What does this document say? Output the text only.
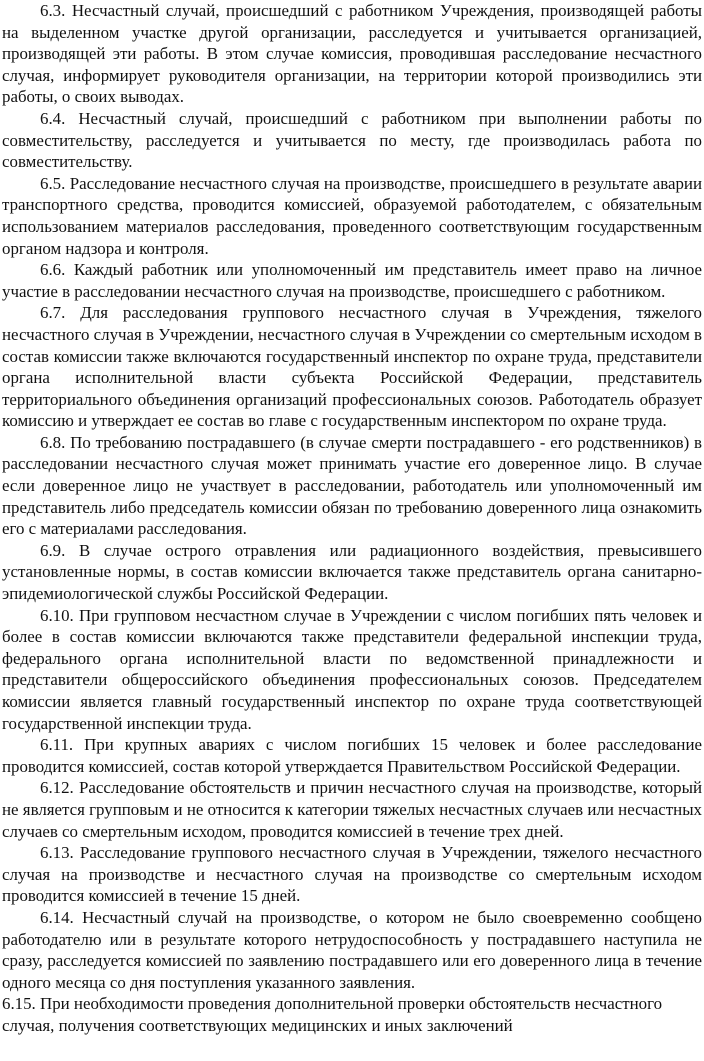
6.3. Несчастный случай, происшедший с работником Учреждения, производящей работы на выделенном участке другой организации, расследуется и учитывается организацией, производящей эти работы. В этом случае комиссия, проводившая расследование несчастного случая, информирует руководителя организации, на территории которой производились эти работы, о своих выводах.

6.4. Несчастный случай, происшедший с работником при выполнении работы по совместительству, расследуется и учитывается по месту, где производилась работа по совместительству.

6.5. Расследование несчастного случая на производстве, происшедшего в результате аварии транспортного средства, проводится комиссией, образуемой работодателем, с обязательным использованием материалов расследования, проведенного соответствующим государственным органом надзора и контроля.

6.6. Каждый работник или уполномоченный им представитель имеет право на личное участие в расследовании несчастного случая на производстве, происшедшего с работником.

6.7. Для расследования группового несчастного случая в Учреждения, тяжелого несчастного случая в Учреждении, несчастного случая в Учреждении со смертельным исходом в состав комиссии также включаются государственный инспектор по охране труда, представители органа исполнительной власти субъекта Российской Федерации, представитель территориального объединения организаций профессиональных союзов. Работодатель образует комиссию и утверждает ее состав во главе с государственным инспектором по охране труда.

6.8. По требованию пострадавшего (в случае смерти пострадавшего - его родственников) в расследовании несчастного случая может принимать участие его доверенное лицо. В случае если доверенное лицо не участвует в расследовании, работодатель или уполномоченный им представитель либо председатель комиссии обязан по требованию доверенного лица ознакомить его с материалами расследования.

6.9. В случае острого отравления или радиационного воздействия, превысившего установленные нормы, в состав комиссии включается также представитель органа санитарно-эпидемиологической службы Российской Федерации.

6.10. При групповом несчастном случае в Учреждении с числом погибших пять человек и более в состав комиссии включаются также представители федеральной инспекции труда, федерального органа исполнительной власти по ведомственной принадлежности и представители общероссийского объединения профессиональных союзов. Председателем комиссии является главный государственный инспектор по охране труда соответствующей государственной инспекции труда.

6.11. При крупных авариях с числом погибших 15 человек и более расследование проводится комиссией, состав которой утверждается Правительством Российской Федерации.

6.12. Расследование обстоятельств и причин несчастного случая на производстве, который не является групповым и не относится к категории тяжелых несчастных случаев или несчастных случаев со смертельным исходом, проводится комиссией в течение трех дней.

6.13. Расследование группового несчастного случая в Учреждении, тяжелого несчастного случая на производстве и несчастного случая на производстве со смертельным исходом проводится комиссией в течение 15 дней.

6.14. Несчастный случай на производстве, о котором не было своевременно сообщено работодателю или в результате которого нетрудоспособность у пострадавшего наступила не сразу, расследуется комиссией по заявлению пострадавшего или его доверенного лица в течение одного месяца со дня поступления указанного заявления.

6.15. При необходимости проведения дополнительной проверки обстоятельств несчастного случая, получения соответствующих медицинских и иных заключений
